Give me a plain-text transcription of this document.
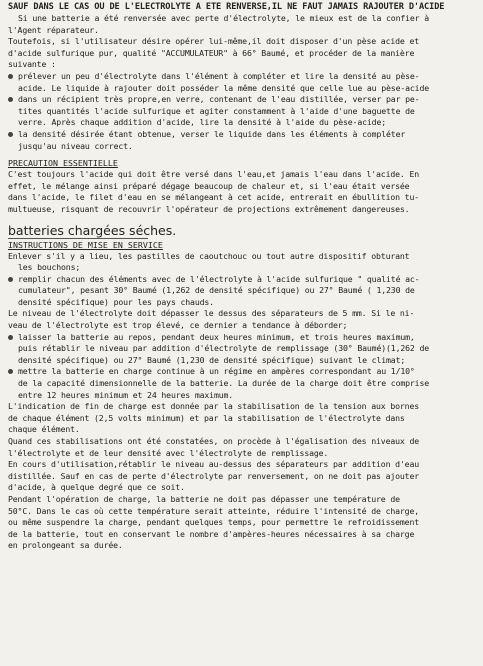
SAUF DANS LE CAS OU DE L'ELECTROLYTE A ETE RENVERSE,IL NE FAUT JAMAIS RAJOUTER D'ACIDE
Si une batterie a été renversée avec perte d'électrolyte, le mieux est de la confier à
l'Agent réparateur.
Toutefois, si l'utilisateur désire opérer lui-même,il doit disposer d'un pèse acide et
d'acide sulfurique pur, qualité "ACCUMULATEUR" à 66° Baumé, et procéder de la manière
suivante :
prélever un peu d'électrolyte dans l'élément à compléter et lire la densité au pèse-
acide. Le liquide à rajouter doit posséder la même densité que celle lue au pèse-acide
dans un récipient très propre,en verre, contenant de l'eau distillée, verser par pe-
tites quantités l'acide sulfurique et agiter constamment à l'aide d'une baguette de
verre. Après chaque addition d'acide, lire la densité à l'aide du pèse-acide;
la densité désirée étant obtenue, verser le liquide dans les éléments à compléter
jusqu'au niveau correct.
PRECAUTION ESSENTIELLE
C'est toujours l'acide qui doit être versé dans l'eau,et jamais l'eau dans l'acide. En
effet, le mélange ainsi préparé dégage beaucoup de chaleur et, si l'eau était versée
dans l'acide, le filet d'eau en se mélangeant à cet acide, entrerait en ébullition tu-
multueuse, risquant de recouvrir l'opérateur de projections extrêmement dangereuses.
batteries chargées séches.
INSTRUCTIONS DE MISE EN SERVICE
Enlever s'il y a lieu, les pastilles de caoutchouc ou tout autre dispositif obturant
les bouchons;
remplir chacun des éléments avec de l'électrolyte à l'acide sulfurique " qualité ac-
cumulateur", pesant 30° Baumé (1,262 de densité spécifique) ou 27° Baumé ( 1,230 de
densité spécifique) pour les pays chauds.
Le niveau de l'électrolyte doit dépasser le dessus des séparateurs de 5 mm. Si le ni-
veau de l'électrolyte est trop élevé, ce dernier a tendance à déborder;
laisser la batterie au repos, pendant deux heures minimum, et trois heures maximum,
puis rétablir le niveau par addition d'électrolyte de remplissage (30° Baumé)(1,262 de
densité spécifique) ou 27° Baumé (1,230 de densité spécifique) suivant le climat;
mettre la batterie en charge continue à un régime en ampères correspondant au 1/10°
de la capacité dimensionnelle de la batterie. La durée de la charge doit être comprise
entre 12 heures minimum et 24 heures maximum.
L'indication de fin de charge est donnée par la stabilisation de la tension aux bornes
de chaque élément (2,5 volts minimum) et par la stabilisation de l'électrolyte dans
chaque élément.
Quand ces stabilisations ont été constatées, on procède à l'égalisation des niveaux de
l'électrolyte et de leur densité avec l'électrolyte de remplissage.
En cours d'utilisation,rétablir le niveau au-dessus des séparateurs par addition d'eau
distillée. Sauf en cas de perte d'électrolyte par renversement, on ne doit pas ajouter
d'acide, à quelque degré que ce soit.
Pendant l'opération de charge, la batterie ne doit pas dépasser une température de
50°C. Dans le cas où cette température serait atteinte, réduire l'intensité de charge,
ou même suspendre la charge, pendant quelques temps, pour permettre le refroidissement
de la batterie, tout en conservant le nombre d'ampères-heures nécessaires à sa charge
en prolongeant sa durée.
